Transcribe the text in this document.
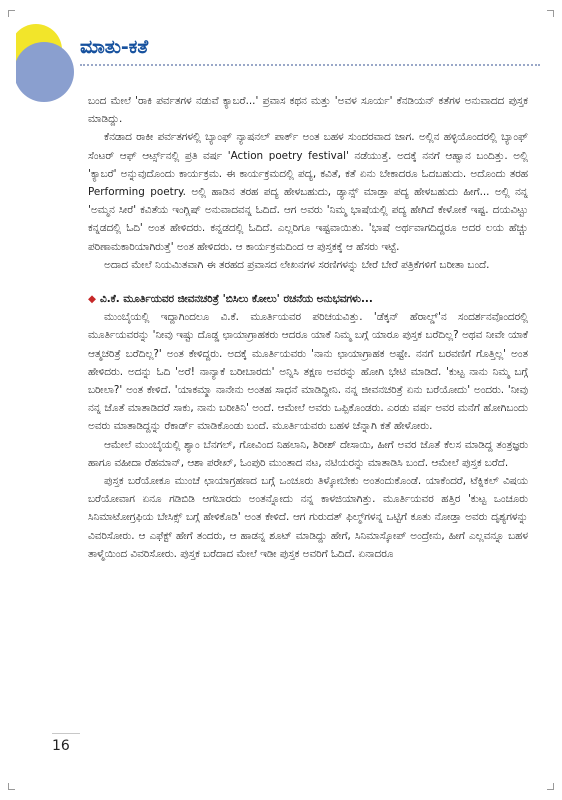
ಮಾತು-ಕತೆ

ಬಂದ ಮೇಲೆ 'ರಾಕಿ ಪರ್ವತಗಳ ನಡುವೆ ಕ್ಯಾಬರೆ...' ಪ್ರವಾಸ ಕಥನ ಮತ್ತು 'ಅವಳ ಸೂರ್ಯ' ಕೆನಡಿಯನ್ ಕತೆಗಳ ಅನುವಾದದ ಪುಸ್ತಕ ಮಾಡಿದ್ದು.

ಕೆನಡಾದ ರಾಕೀ ಪರ್ವತಗಳಲ್ಲಿ ಬ್ಯಾಂಫ್ ನ್ಯಾಷನಲ್ ಪಾರ್ಕ್ ಅಂತ ಬಹಳ ಸುಂದರವಾದ ಜಾಗ. ಅಲ್ಲಿನ ಹಳ್ಳಿಯೊಂದರಲ್ಲಿ ಬ್ಯಾಂಫ್ ಸೆಂಟರ್ ಆಫ್ ಆರ್ಟ್ಸ್‌ನಲ್ಲಿ ಪ್ರತಿ ವರ್ಷ 'Action poetry festival' ನಡೆಯುತ್ತೆ. ಅದಕ್ಕೆ ನನಗೆ ಆಹ್ವಾನ ಬಂದಿತ್ತು. ಅಲ್ಲಿ 'ಕ್ಯಾಬರೆ' ಅನ್ನುವುದೊಂದು ಕಾರ್ಯಕ್ರಮ. ಈ ಕಾರ್ಯಕ್ರಮದಲ್ಲಿ ಪದ್ಯ, ಕವಿತೆ, ಕತೆ ಏನು ಬೇಕಾದರೂ ಓದಬಹುದು. ಅದೊಂದು ತರಹ Performing poetry. ಅಲ್ಲಿ ಹಾಡಿನ ತರಹ ಪದ್ಯ ಹೇಳಬಹುದು, ಡ್ಯಾನ್ಸ್ ಮಾಡ್ತಾ ಪದ್ಯ ಹೇಳಬಹುದು ಹೀಗೆ... ಅಲ್ಲಿ ನನ್ನ 'ಅಮ್ಮನ ಸೀರೆ' ಕವಿತೆಯ ಇಂಗ್ಲಿಷ್ ಅನುವಾದವನ್ನ ಓದಿದೆ. ಆಗ ಅವರು 'ನಿಮ್ಮ ಭಾಷೆಯಲ್ಲಿ ಪದ್ಯ ಹೇಗಿದೆ ಕೇಳೋಕೆ ಇಷ್ಟ. ದಯವಿಟ್ಟು ಕನ್ನಡದಲ್ಲಿ ಓದಿ' ಅಂತ ಹೇಳಿದರು. ಕನ್ನಡದಲ್ಲಿ ಓದಿದೆ. ಎಲ್ಲರಿಗೂ ಇಷ್ಟವಾಯಿತು. 'ಭಾಷೆ ಅರ್ಥವಾಗದಿದ್ದರೂ ಅದರ ಲಯ ಹೆಚ್ಚು ಪರಿಣಾಮಕಾರಿಯಾಗಿರುತ್ತೆ' ಅಂತ ಹೇಳಿದರು. ಆ ಕಾರ್ಯಕ್ರಮದಿಂದ ಆ ಪುಸ್ತಕಕ್ಕೆ ಆ ಹೆಸರು ಇಟ್ಟೆ.

ಅದಾದ ಮೇಲೆ ನಿಯಮಿತವಾಗಿ ಈ ತರಹದ ಪ್ರವಾಸದ ಲೇಖನಗಳ ಸರಣಿಗಳನ್ನು ಬೇರೆ ಬೇರೆ ಪತ್ರಿಕೆಗಳಿಗೆ ಬರೀತಾ ಬಂದೆ.

◆ ವಿ.ಕೆ. ಮೂರ್ತಿಯವರ ಜೀವನಚರಿತ್ರೆ 'ಬಿಸಿಲು ಕೋಲು' ರಚನೆಯ ಅನುಭವಗಳು...

ಮುಂಬೈಯಲ್ಲಿ ಇದ್ದಾಗಿಂದಲೂ ವಿ.ಕೆ. ಮೂರ್ತಿಯವರ ಪರಿಚಯವಿತ್ತು. 'ಡೆಕ್ಕನ್ ಹೆರಾಲ್ಡ್'ನ ಸಂದರ್ಶನವೊಂದರಲ್ಲಿ ಮೂರ್ತಿಯವರನ್ನು 'ನೀವು ಇಷ್ಟು ದೊಡ್ಡ ಛಾಯಾಗ್ರಾಹಕರು ಆದರೂ ಯಾಕೆ ನಿಮ್ಮ ಬಗ್ಗೆ ಯಾರೂ ಪುಸ್ತಕ ಬರೆದಿಲ್ಲ? ಅಥವ ನೀವೇ ಯಾಕೆ ಆತ್ಮಚರಿತ್ರೆ ಬರೆದಿಲ್ಲ?' ಅಂತ ಕೇಳಿದ್ದರು. ಅದಕ್ಕೆ ಮೂರ್ತಿಯವರು 'ನಾನು ಛಾಯಾಗ್ರಾಹಕ ಅಷ್ಟೇ. ನನಗೆ ಬರವಣಿಗೆ ಗೊತ್ತಿಲ್ಲ' ಅಂತ ಹೇಳಿದರು. ಅದನ್ನು ಓದಿ 'ಅರೆ! ನಾನ್ಯಾಕೆ ಬರೀಬಾರದು' ಅನ್ನಿಸಿ ತಕ್ಷಣ ಅವರನ್ನು ಹೋಗಿ ಭೇಟಿ ಮಾಡಿದೆ. 'ಕುಟ್ಟ ನಾನು ನಿಮ್ಮ ಬಗ್ಗೆ ಬರೀಲಾ?' ಅಂತ ಕೇಳಿದೆ. 'ಯಾಕಮ್ಮಾ ನಾನೇನು ಅಂತಹ ಸಾಧನೆ ಮಾಡಿದ್ದೀನಿ. ನನ್ನ ಜೀವನಚರಿತ್ರೆ ಏನು ಬರೆಯೋದು' ಅಂದರು. 'ನೀವು ನನ್ನ ಜೊತೆ ಮಾತಾಡಿದರೆ ಸಾಕು, ನಾನು ಬರೀತಿನಿ' ಅಂದೆ. ಆಮೇಲೆ ಅವರು ಒಪ್ಪಿಕೊಂಡರು. ಎರಡು ವರ್ಷ ಅವರ ಮನೆಗೆ ಹೋಗಿಬಂದು ಅವರು ಮಾತಾಡಿದ್ದನ್ನು ರೆಕಾರ್ಡ್ ಮಾಡಿಕೊಂಡು ಬಂದೆ. ಮೂರ್ತಿಯವರು ಬಹಳ ಚೆನ್ನಾಗಿ ಕತೆ ಹೇಳೋರು.

ಆಮೇಲೆ ಮುಂಬೈಯಲ್ಲಿ ಶ್ಯಾಂ ಬೆನಗಲ್, ಗೋವಿಂದ ನಿಹಲಾನಿ, ಶಿರೀಶ್ ದೇಸಾಯಿ, ಹೀಗೆ ಅವರ ಜೊತೆ ಕೆಲಸ ಮಾಡಿದ್ದ ತಂತ್ರಜ್ಞರು ಹಾಗೂ ವಹೀದಾ ರೆಹಮಾನ್, ಆಶಾ ಪರೇಖ್, ಓಂಪುರಿ ಮುಂತಾದ ನಟ, ನಟಿಯರನ್ನು ಮಾತಾಡಿಸಿ ಬಂದೆ. ಆಮೇಲೆ ಪುಸ್ತಕ ಬರೆದೆ.

ಪುಸ್ತಕ ಬರೆಯೋಕೂ ಮುಂಚೆ ಛಾಯಾಗ್ರಹಣದ ಬಗ್ಗೆ ಒಂಚೂರು ತಿಳ್ಕೋಬೇಕು ಅಂತಂದುಕೊಂಡೆ. ಯಾಕೆಂದರೆ, ಟೆಕ್ನಿಕಲ್ ವಿಷಯ ಬರೆಯೋವಾಗ ಏನೂ ಗಡಿಬಿಡಿ ಆಗಬಾರದು ಅಂತನ್ನೋದು ನನ್ನ ಕಾಳಜಿಯಾಗಿತ್ತು. ಮೂರ್ತಿಯವರ ಹತ್ತಿರ 'ಕುಟ್ಟ ಒಂಚೂರು ಸಿನಿಮಾಟೋಗ್ರಫಿಯ ಬೇಸಿಕ್ಸ್ ಬಗ್ಗೆ ಹೇಳಿಕೊಡಿ' ಅಂತ ಕೇಳಿದೆ. ಆಗ ಗುರುದತ್ ಫಿಲ್ಮ್‌ಗಳನ್ನ ಒಟ್ಟಿಗೆ ಕೂತು ನೋಡ್ತಾ ಅವರು ದೃಶ್ಯಗಳನ್ನು ವಿವರಿಸೋರು. ಆ ಎಫೆಕ್ಟ್ ಹೇಗೆ ತಂದರು, ಆ ಹಾಡನ್ನ ಶೂಟ್ ಮಾಡಿದ್ದು ಹೇಗೆ, ಸಿನಿಮಾಸ್ಕೋಪ್ ಅಂದ್ರೇನು, ಹೀಗೆ ಎಲ್ಲವನ್ನೂ ಬಹಳ ತಾಳ್ಮೆಯಿಂದ ವಿವರಿಸೋರು. ಪುಸ್ತಕ ಬರೆದಾದ ಮೇಲೆ ಇಡೀ ಪುಸ್ತಕ ಅವರಿಗೆ ಓದಿದೆ. ಏನಾದರೂ

16
